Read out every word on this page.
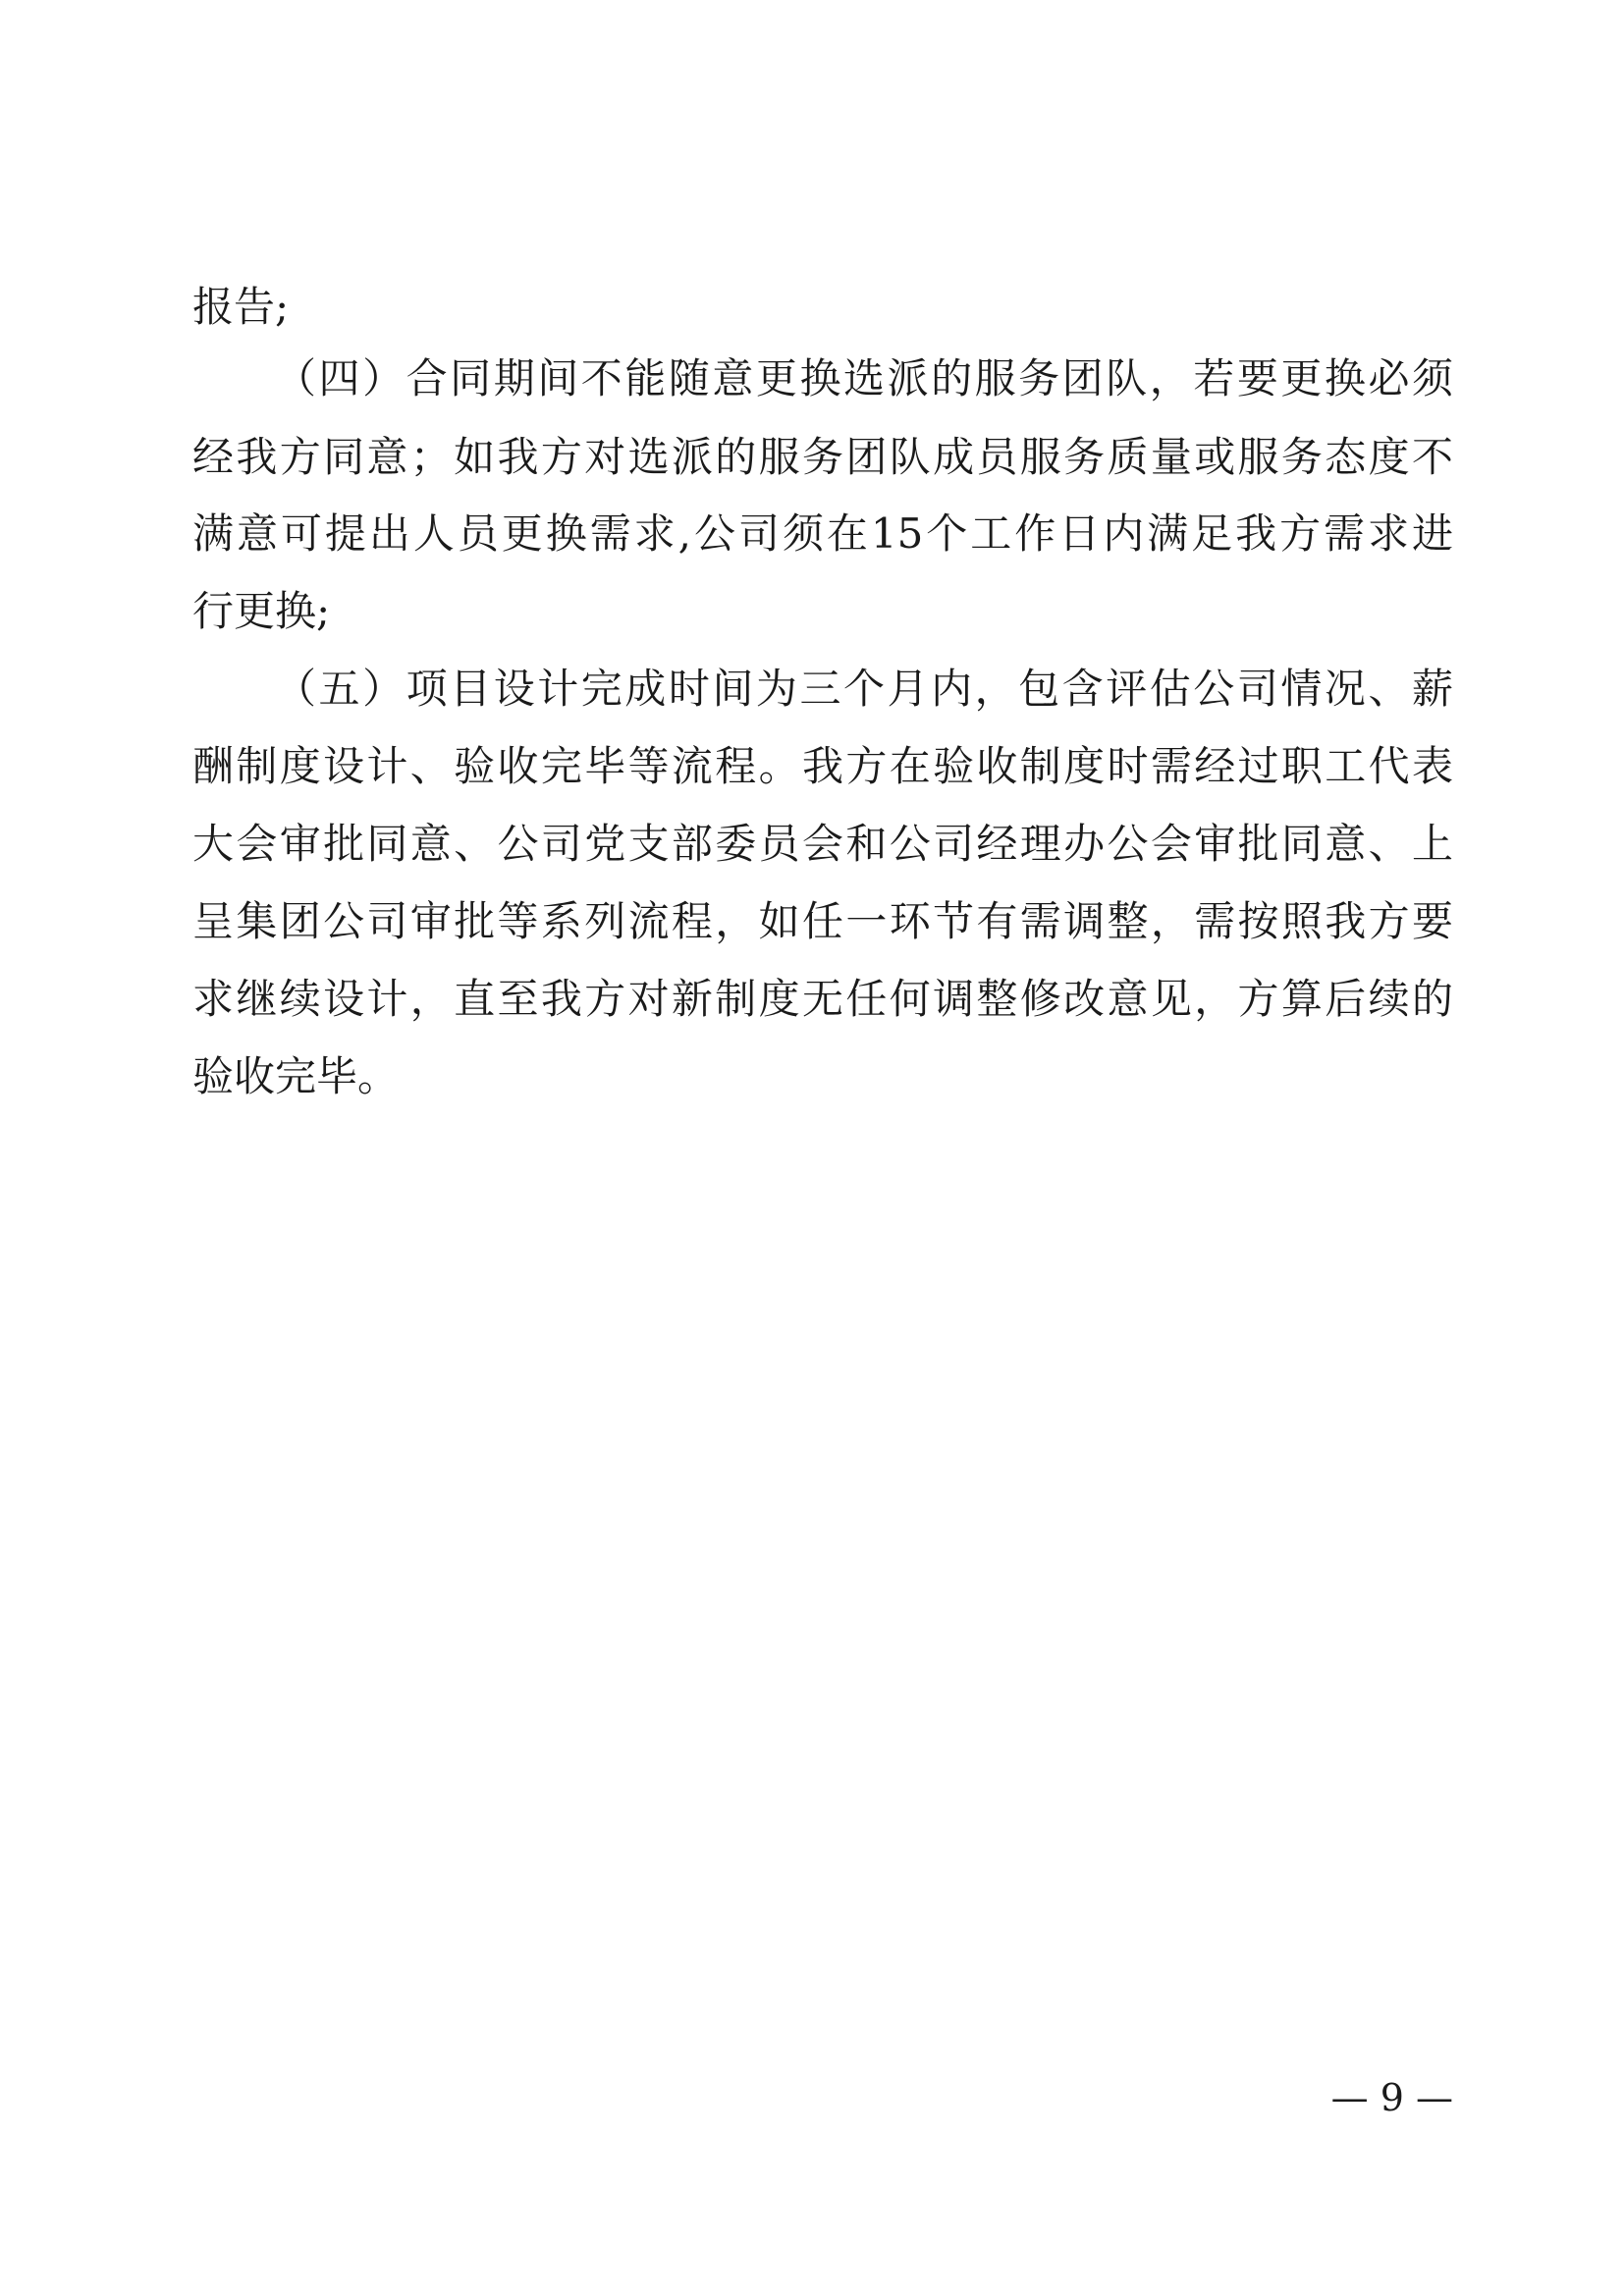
报告;
（四）合同期间不能随意更换选派的服务团队，若要更换必须
经我方同意；如我方对选派的服务团队成员服务质量或服务态度不
满意可提出人员更换需求,公司须在15个工作日内满足我方需求进
行更换;
（五）项目设计完成时间为三个月内，包含评估公司情况、薪
酬制度设计、验收完毕等流程。我方在验收制度时需经过职工代表
大会审批同意、公司党支部委员会和公司经理办公会审批同意、上
呈集团公司审批等系列流程，如任一环节有需调整，需按照我方要
求继续设计，直至我方对新制度无任何调整修改意见，方算后续的
验收完毕。
— 9 —
